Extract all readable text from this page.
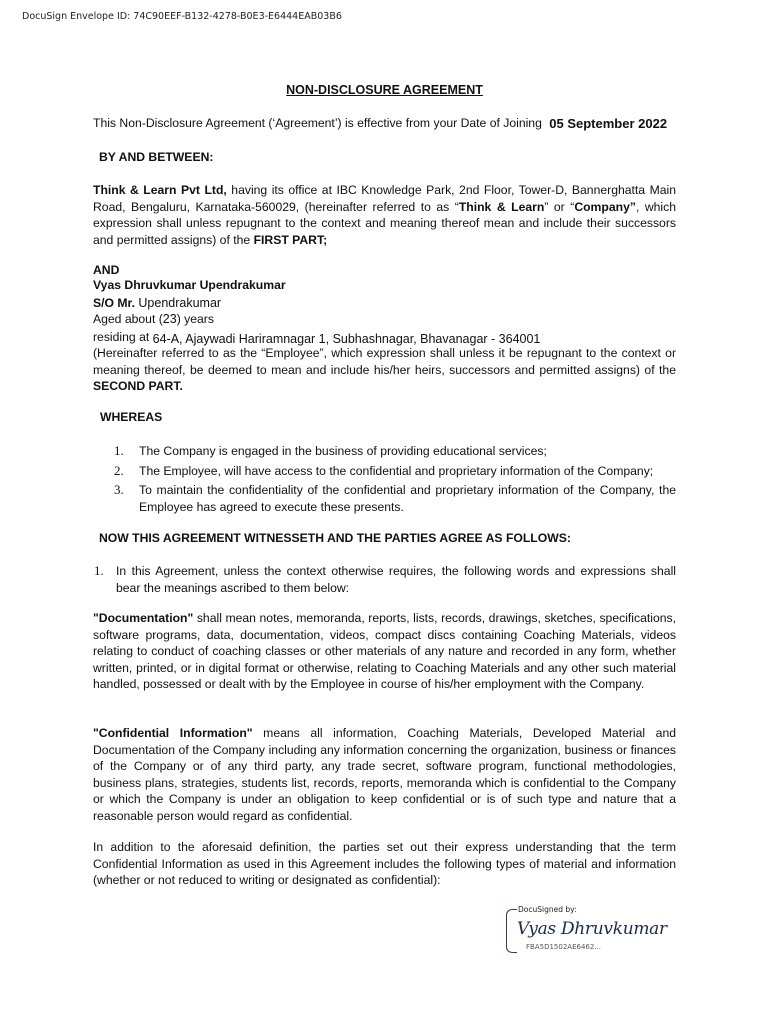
DocuSign Envelope ID: 74C90EEF-B132-4278-B0E3-E6444EAB03B6
NON-DISCLOSURE AGREEMENT
This Non-Disclosure Agreement (‘Agreement’) is effective from your Date of Joining 05 September 2022
BY AND BETWEEN:
Think & Learn Pvt Ltd, having its office at IBC Knowledge Park, 2nd Floor, Tower-D, Bannerghatta Main Road, Bengaluru, Karnataka-560029, (hereinafter referred to as “Think & Learn” or “Company”, which expression shall unless repugnant to the context and meaning thereof mean and include their successors and permitted assigns) of the FIRST PART;
AND
Vyas Dhruvkumar Upendrakumar
S/O Mr. Upendrakumar
Aged about (23) years
residing at 64-A, Ajaywadi Hariramnagar 1, Subhashnagar, Bhavanagar - 364001
(Hereinafter referred to as the “Employee”, which expression shall unless it be repugnant to the context or meaning thereof, be deemed to mean and include his/her heirs, successors and permitted assigns) of the SECOND PART.
WHEREAS
1. The Company is engaged in the business of providing educational services;
2. The Employee, will have access to the confidential and proprietary information of the Company;
3. To maintain the confidentiality of the confidential and proprietary information of the Company, the Employee has agreed to execute these presents.
NOW THIS AGREEMENT WITNESSETH AND THE PARTIES AGREE AS FOLLOWS:
1. In this Agreement, unless the context otherwise requires, the following words and expressions shall bear the meanings ascribed to them below:
"Documentation" shall mean notes, memoranda, reports, lists, records, drawings, sketches, specifications, software programs, data, documentation, videos, compact discs containing Coaching Materials, videos relating to conduct of coaching classes or other materials of any nature and recorded in any form, whether written, printed, or in digital format or otherwise, relating to Coaching Materials and any other such material handled, possessed or dealt with by the Employee in course of his/her employment with the Company.
"Confidential Information" means all information, Coaching Materials, Developed Material and Documentation of the Company including any information concerning the organization, business or finances of the Company or of any third party, any trade secret, software program, functional methodologies, business plans, strategies, students list, records, reports, memoranda which is confidential to the Company or which the Company is under an obligation to keep confidential or is of such type and nature that a reasonable person would regard as confidential.
In addition to the aforesaid definition, the parties set out their express understanding that the term Confidential Information as used in this Agreement includes the following types of material and information (whether or not reduced to writing or designated as confidential):
DocuSigned by:
Vyas Dhruvkumar
FBA5D1502AE6462...
